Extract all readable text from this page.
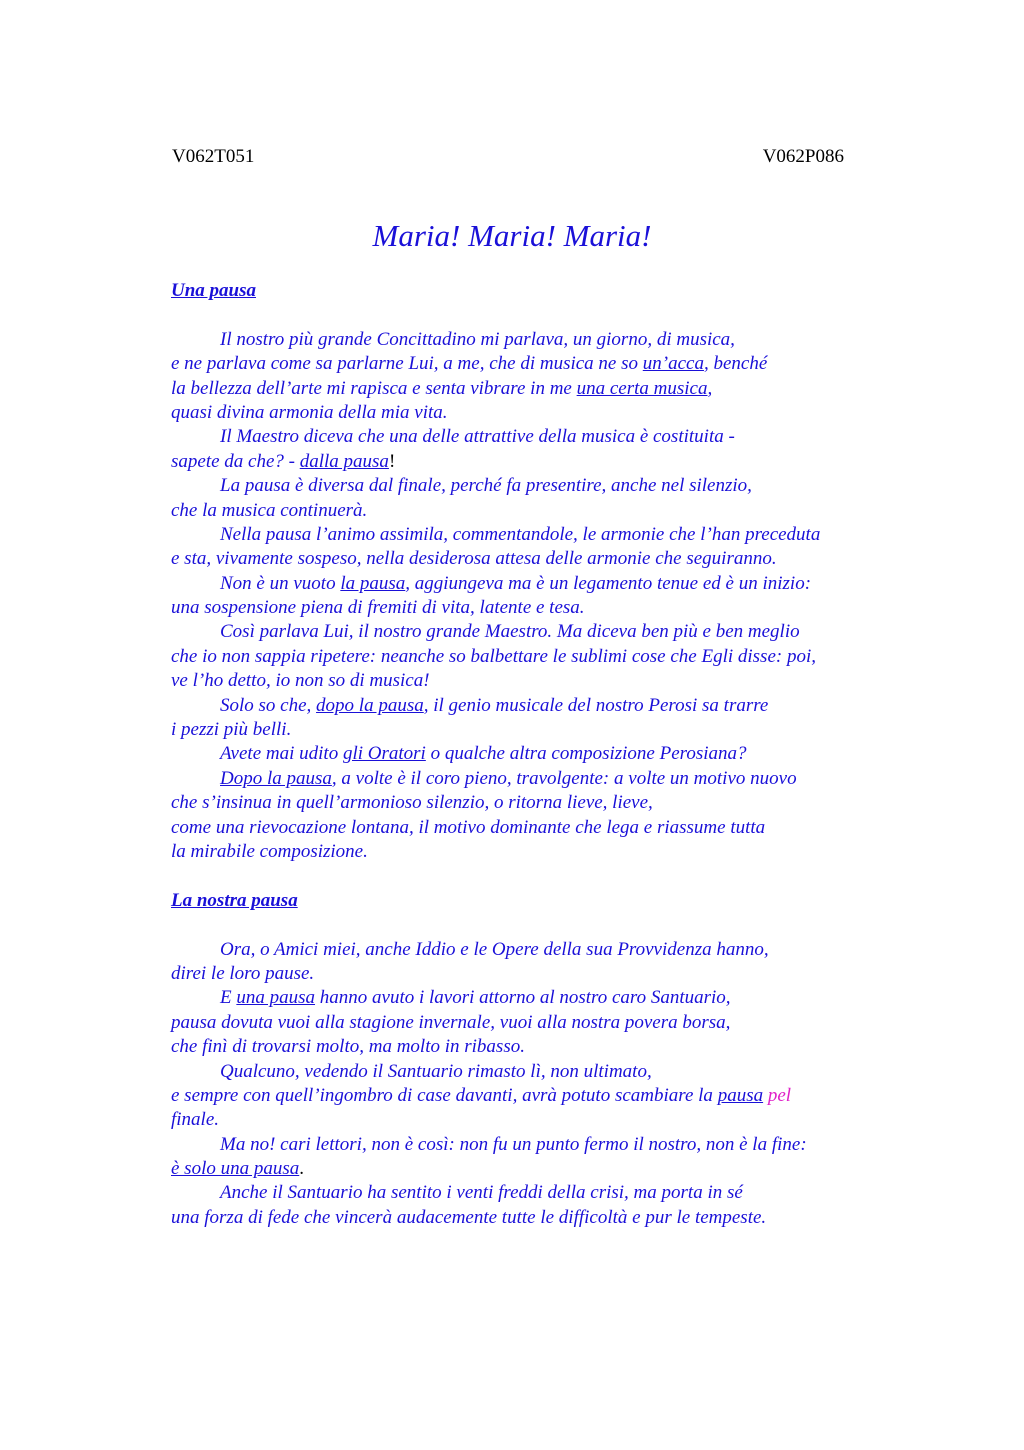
V062T051	V062P086
Maria! Maria! Maria!
Una pausa
Il nostro più grande Concittadino mi parlava, un giorno, di musica,
e ne parlava come sa parlarne Lui, a me, che di musica ne so un’acca, benché
la bellezza dell’arte mi rapisca e senta vibrare in me una certa musica,
quasi divina armonia della mia vita.
Il Maestro diceva che una delle attrattive della musica è costituita -
sapete da che? - dalla pausa!
La pausa è diversa dal finale, perché fa presentire, anche nel silenzio,
che la musica continuerà.
Nella pausa l’animo assimila, commentandole, le armonie che l’han preceduta
e sta, vivamente sospeso, nella desiderosa attesa delle armonie che seguiranno.
Non è un vuoto la pausa, aggiungeva ma è un legamento tenue ed è un inizio:
una sospensione piena di fremiti di vita, latente e tesa.
Così parlava Lui, il nostro grande Maestro. Ma diceva ben più e ben meglio
che io non sappia ripetere: neanche so balbettare le sublimi cose che Egli disse: poi,
ve l’ho detto, io non so di musica!
Solo so che, dopo la pausa, il genio musicale del nostro Perosi sa trarre
i pezzi più belli.
Avete mai udito gli Oratori o qualche altra composizione Perosiana?
Dopo la pausa, a volte è il coro pieno, travolgente: a volte un motivo nuovo
che s’insinua in quell’armonioso silenzio, o ritorna lieve, lieve,
come una rievocazione lontana, il motivo dominante che lega e riassume tutta
la mirabile composizione.
La nostra pausa
Ora, o Amici miei, anche Iddio e le Opere della sua Provvidenza hanno,
direi le loro pause.
E una pausa hanno avuto i lavori attorno al nostro caro Santuario,
pausa dovuta vuoi alla stagione invernale, vuoi alla nostra povera borsa,
che finì di trovarsi molto, ma molto in ribasso.
Qualcuno, vedendo il Santuario rimasto lì, non ultimato,
e sempre con quell’ingombro di case davanti, avrà potuto scambiare la pausa pel
finale.
Ma no! cari lettori, non è così: non fu un punto fermo il nostro, non è la fine:
è solo una pausa.
Anche il Santuario ha sentito i venti freddi della crisi, ma porta in sé
una forza di fede che vincerà audacemente tutte le difficoltà e pur le tempeste.
